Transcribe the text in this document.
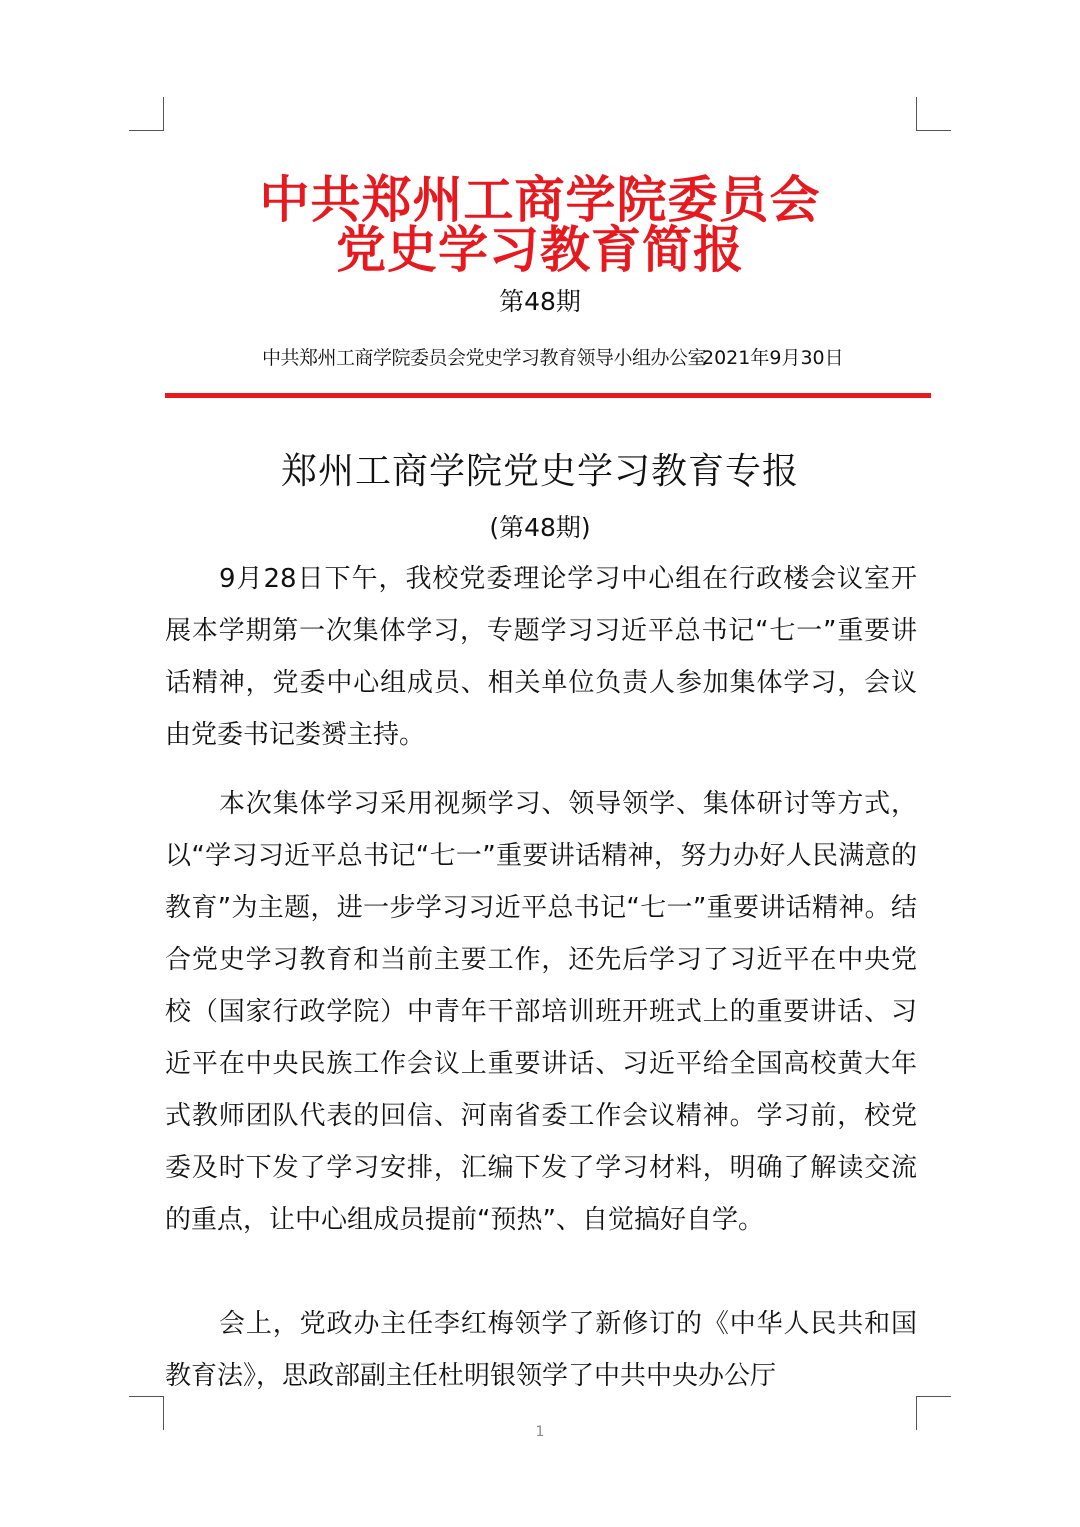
中共郑州工商学院委员会
党史学习教育简报
第48期
中共郑州工商学院委员会党史学习教育领导小组办公室
2021年9月30日
郑州工商学院党史学习教育专报
(第48期)

9月28日下午，我校党委理论学习中心组在行政楼会议室开展本学期第一次集体学习，专题学习习近平总书记“七一”重要讲话精神，党委中心组成员、相关单位负责人参加集体学习，会议由党委书记娄赟主持。

本次集体学习采用视频学习、领导领学、集体研讨等方式，以“学习习近平总书记“七一”重要讲话精神，努力办好人民满意的教育”为主题，进一步学习习近平总书记“七一”重要讲话精神。结合党史学习教育和当前主要工作，还先后学习了习近平在中央党校（国家行政学院）中青年干部培训班开班式上的重要讲话、习近平在中央民族工作会议上重要讲话、习近平给全国高校黄大年式教师团队代表的回信、河南省委工作会议精神。学习前，校党委及时下发了学习安排，汇编下发了学习材料，明确了解读交流的重点，让中心组成员提前“预热”、自觉搞好自学。

会上，党政办主任李红梅领学了新修订的《中华人民共和国教育法》，思政部副主任杜明银领学了中共中央办公厅

1
